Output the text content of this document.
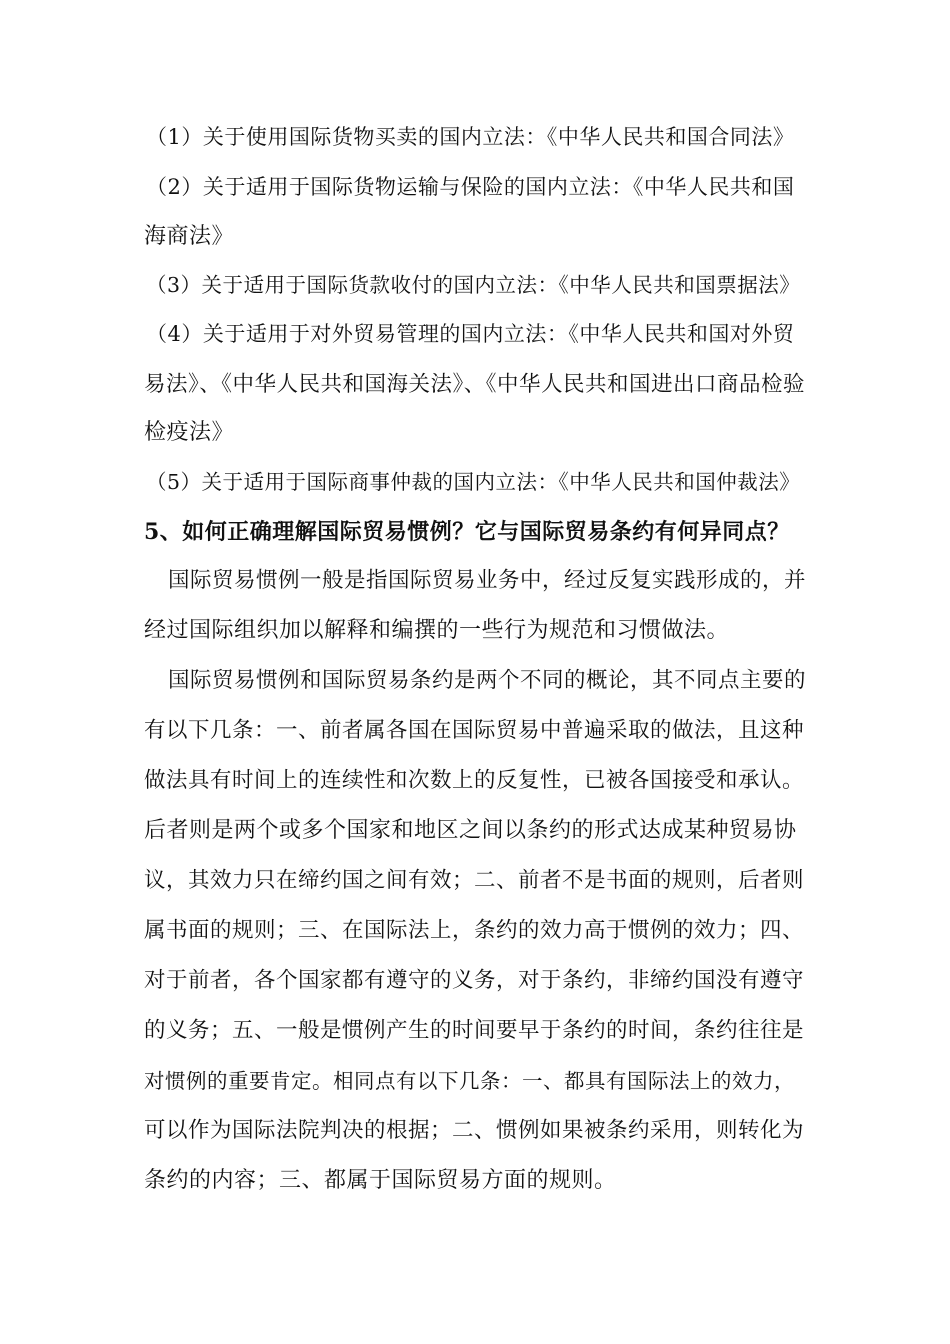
（1）关于使用国际货物买卖的国内立法：《中华人民共和国合同法》
（2）关于适用于国际货物运输与保险的国内立法：《中华人民共和国
海商法》
（3）关于适用于国际货款收付的国内立法：《中华人民共和国票据法》
（4）关于适用于对外贸易管理的国内立法：《中华人民共和国对外贸
易法》、《中华人民共和国海关法》、《中华人民共和国进出口商品检验
检疫法》
（5）关于适用于国际商事仲裁的国内立法：《中华人民共和国仲裁法》
5、如何正确理解国际贸易惯例？它与国际贸易条约有何异同点？
国际贸易惯例一般是指国际贸易业务中，经过反复实践形成的，并
经过国际组织加以解释和编撰的一些行为规范和习惯做法。
国际贸易惯例和国际贸易条约是两个不同的概论，其不同点主要的
有以下几条：一、前者属各国在国际贸易中普遍采取的做法，且这种
做法具有时间上的连续性和次数上的反复性，已被各国接受和承认。
后者则是两个或多个国家和地区之间以条约的形式达成某种贸易协
议，其效力只在缔约国之间有效；二、前者不是书面的规则，后者则
属书面的规则；三、在国际法上，条约的效力高于惯例的效力；四、
对于前者，各个国家都有遵守的义务，对于条约，非缔约国没有遵守
的义务；五、一般是惯例产生的时间要早于条约的时间，条约往往是
对惯例的重要肯定。相同点有以下几条：一、都具有国际法上的效力，
可以作为国际法院判决的根据；二、惯例如果被条约采用，则转化为
条约的内容；三、都属于国际贸易方面的规则。
